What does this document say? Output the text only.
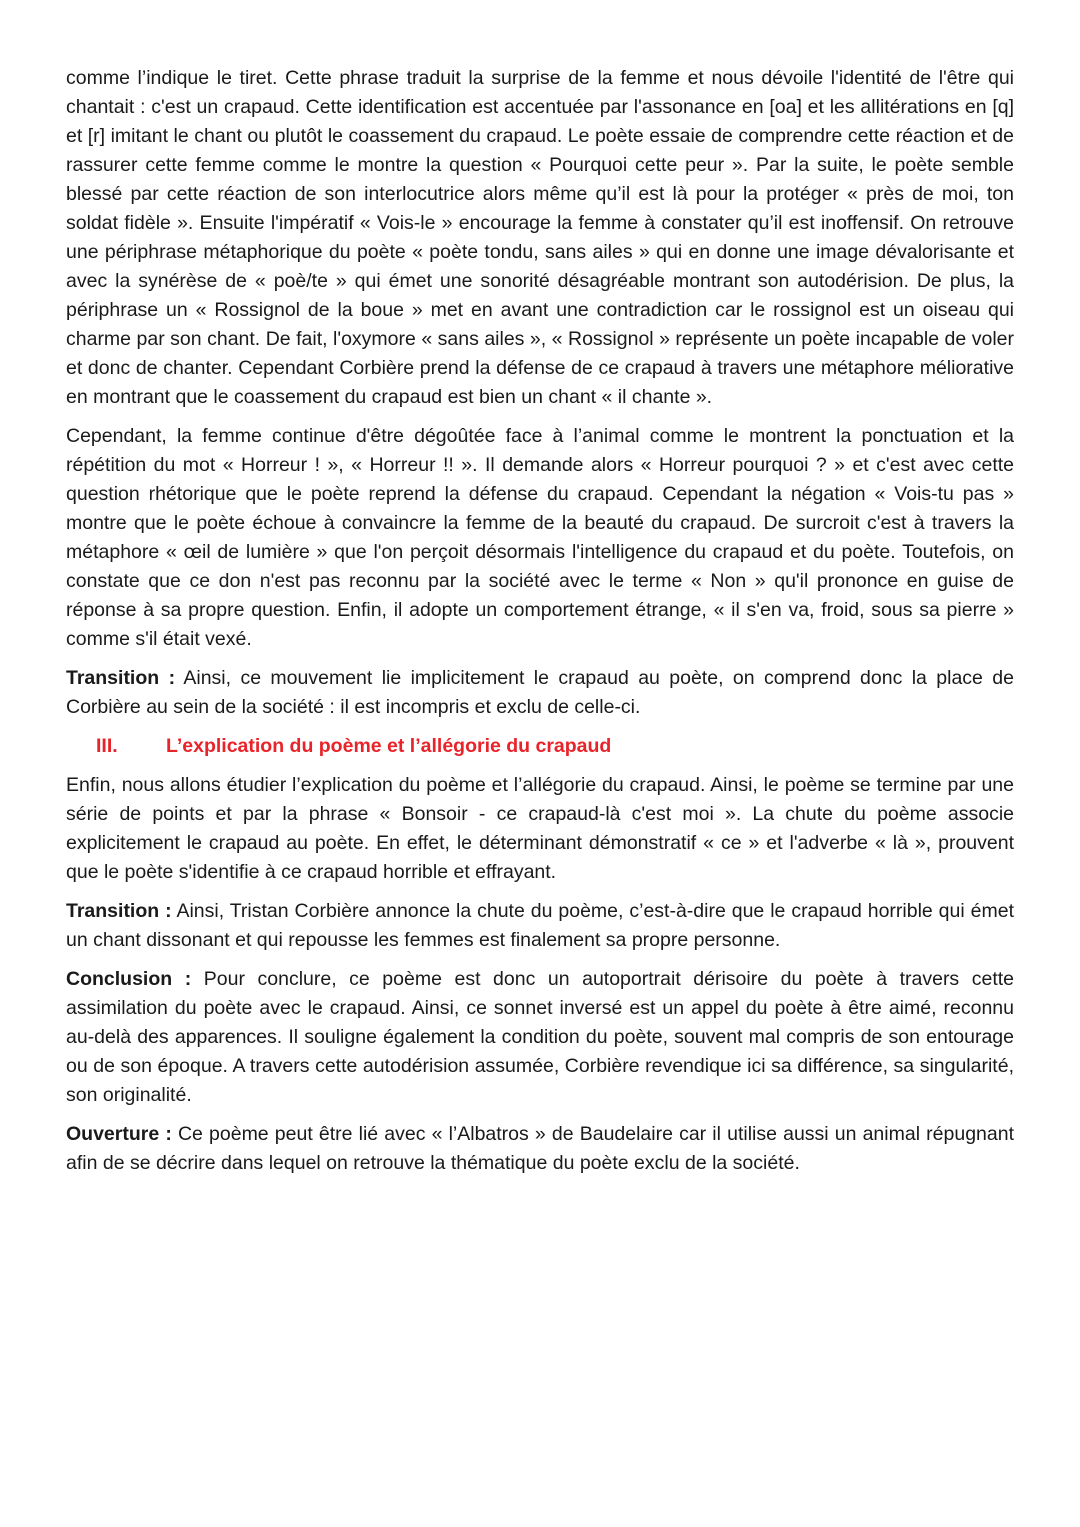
comme l’indique le tiret. Cette phrase traduit la surprise de la femme et nous dévoile l'identité de l'être qui chantait : c'est un crapaud. Cette identification est accentuée par l'assonance en [oa] et les allitérations en [q] et [r] imitant le chant ou plutôt le coassement du crapaud. Le poète essaie de comprendre cette réaction et de rassurer cette femme comme le montre la question « Pourquoi cette peur ». Par la suite, le poète semble blessé par cette réaction de son interlocutrice alors même qu’il est là pour la protéger « près de moi, ton soldat fidèle ». Ensuite l'impératif « Vois-le » encourage la femme à constater qu’il est inoffensif. On retrouve une périphrase métaphorique du poète « poète tondu, sans ailes » qui en donne une image dévalorisante et avec la synérèse de « poè/te » qui émet une sonorité désagréable montrant son autodérision. De plus, la périphrase un « Rossignol de la boue » met en avant une contradiction car le rossignol est un oiseau qui charme par son chant. De fait, l'oxymore « sans ailes », « Rossignol » représente un poète incapable de voler et donc de chanter. Cependant Corbière prend la défense de ce crapaud à travers une métaphore méliorative en montrant que le coassement du crapaud est bien un chant « il chante ».

Cependant, la femme continue d'être dégoûtée face à l’animal comme le montrent la ponctuation et la répétition du mot « Horreur ! », « Horreur !! ». Il demande alors « Horreur pourquoi ? » et c'est avec cette question rhétorique que le poète reprend la défense du crapaud. Cependant la négation « Vois-tu pas » montre que le poète échoue à convaincre la femme de la beauté du crapaud. De surcroit c'est à travers la métaphore « œil de lumière » que l'on perçoit désormais l'intelligence du crapaud et du poète. Toutefois, on constate que ce don n'est pas reconnu par la société avec le terme « Non » qu'il prononce en guise de réponse à sa propre question. Enfin, il adopte un comportement étrange, « il s'en va, froid, sous sa pierre » comme s'il était vexé.

Transition : Ainsi, ce mouvement lie implicitement le crapaud au poète, on comprend donc la place de Corbière au sein de la société : il est incompris et exclu de celle-ci.

III.	L’explication du poème et l’allégorie du crapaud

Enfin, nous allons étudier l’explication du poème et l’allégorie du crapaud. Ainsi, le poème se termine par une série de points et par la phrase « Bonsoir - ce crapaud-là c'est moi ». La chute du poème associe explicitement le crapaud au poète. En effet, le déterminant démonstratif « ce » et l'adverbe « là », prouvent que le poète s'identifie à ce crapaud horrible et effrayant.

Transition : Ainsi, Tristan Corbière annonce la chute du poème, c’est-à-dire que le crapaud horrible qui émet un chant dissonant et qui repousse les femmes est finalement sa propre personne.

Conclusion : Pour conclure, ce poème est donc un autoportrait dérisoire du poète à travers cette assimilation du poète avec le crapaud. Ainsi, ce sonnet inversé est un appel du poète à être aimé, reconnu au-delà des apparences. Il souligne également la condition du poète, souvent mal compris de son entourage ou de son époque. A travers cette autodérision assumée, Corbière revendique ici sa différence, sa singularité, son originalité.

Ouverture : Ce poème peut être lié avec « l’Albatros » de Baudelaire car il utilise aussi un animal répugnant afin de se décrire dans lequel on retrouve la thématique du poète exclu de la société.
